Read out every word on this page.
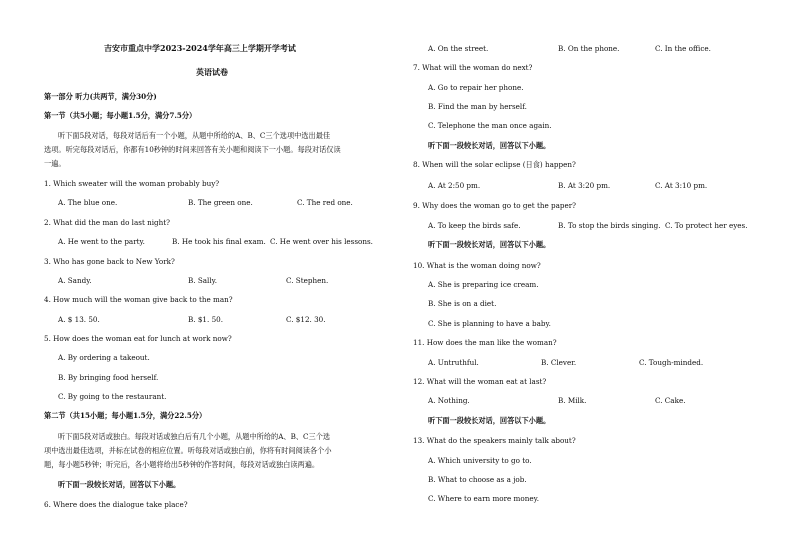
吉安市重点中学2023-2024学年高三上学期开学考试
英语试卷
第一部分 听力(共两节，满分30分)
第一节（共5小题；每小题1.5分，满分7.5分）
听下面5段对话，每段对话后有一个小题，从题中所给的A、B、C三个选项中选出最佳
选项。听完每段对话后，你都有10秒钟的时间来回答有关小题和阅读下一小题。每段对话仅读
一遍。
1. Which sweater will the woman probably buy?
A. The blue one.	B. The green one.	C. The red one.
2. What did the man do last night?
A. He went to the party.	B. He took his final exam. C. He went over his lessons.
3. Who has gone back to New York?
A. Sandy.	B. Sally.	C. Stephen.
4. How much will the woman give back to the man?
A. $ 13. 50.	B. $1. 50.	C. $12. 30.
5. How does the woman eat for lunch at work now?
A. By ordering a takeout.
B. By bringing food herself.
C. By going to the restaurant.
第二节（共15小题；每小题1.5分，满分22.5分）
听下面5段对话或独白。每段对话或独白后有几个小题，从题中所给的A、B、C三个选
项中选出最佳选项，并标在试卷的相应位置。听每段对话或独白前，你将有时间阅读各个小
题，每小题5秒钟；听完后，各小题将给出5秒钟的作答时间，每段对话或独白读两遍。
听下面一段较长对话，回答以下小题。
6. Where does the dialogue take place?
A. On the street.	B. On the phone.	C. In the office.
7. What will the woman do next?
A. Go to repair her phone.
B. Find the man by herself.
C. Telephone the man once again.
听下面一段较长对话，回答以下小题。
8. When will the solar eclipse (日食) happen?
A. At 2:50 pm.	B. At 3:20 pm.	C. At 3:10 pm.
9. Why does the woman go to get the paper?
A. To keep the birds safe.	B. To stop the birds singing. C. To protect her eyes.
听下面一段较长对话，回答以下小题。
10. What is the woman doing now?
A. She is preparing ice cream.
B. She is on a diet.
C. She is planning to have a baby.
11. How does the man like the woman?
A. Untruthful.	B. Clever.	C. Tough-minded.
12. What will the woman eat at last?
A. Nothing.	B. Milk.	C. Cake.
听下面一段较长对话，回答以下小题。
13. What do the speakers mainly talk about?
A. Which university to go to.
B. What to choose as a job.
C. Where to earn more money.
